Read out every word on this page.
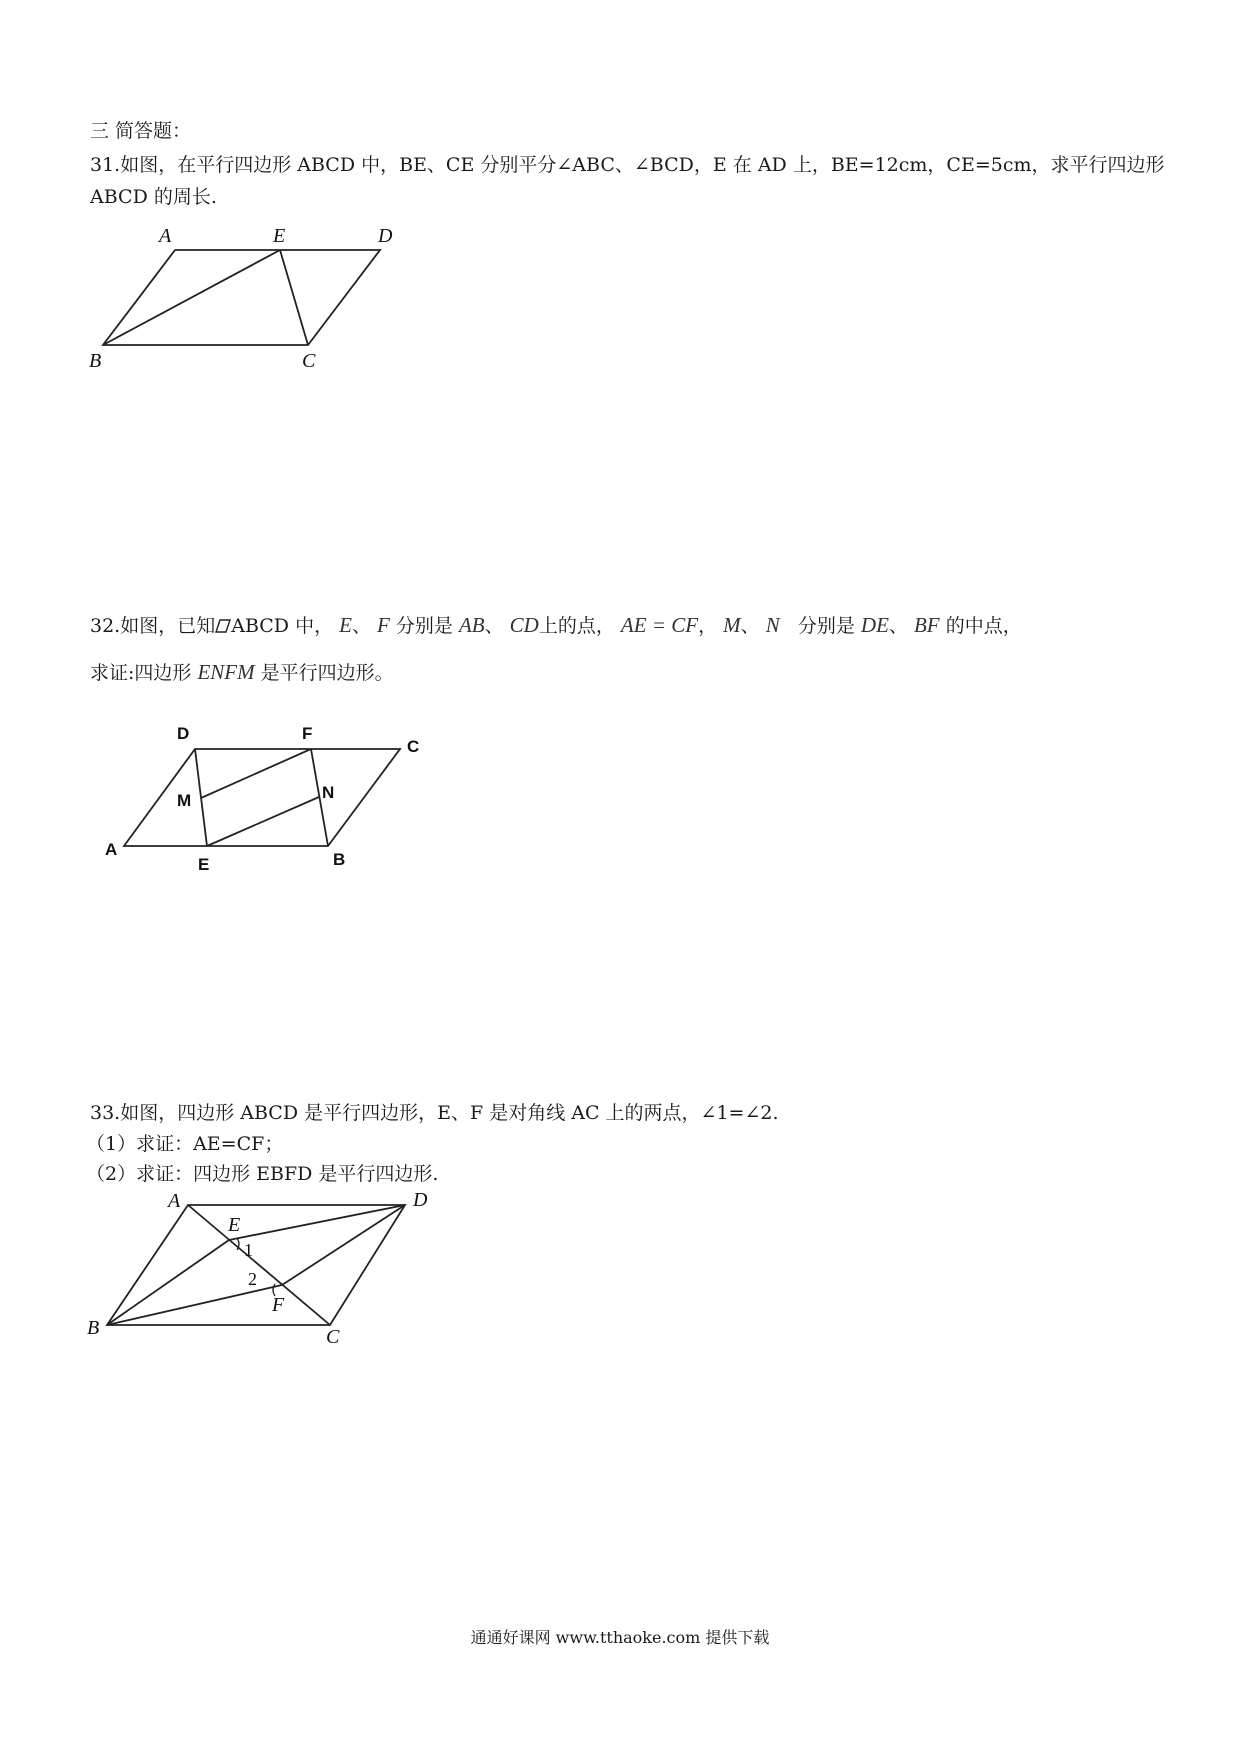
三 简答题：
31.如图，在平行四边形 ABCD 中，BE、CE 分别平分∠ABC、∠BCD，E 在 AD 上，BE=12cm，CE=5cm，求平行四边形
ABCD 的周长.
A	E	D
B	C
32.如图，已知 ABCD 中， E、 F 分别是 AB、 CD上的点， AE = CF， M、 N 分别是 DE、 BF 的中点，
求证:四边形 ENFM 是平行四边形。
D	F
C
M	N
A
E	B
33.如图，四边形 ABCD 是平行四边形，E、F 是对角线 AC 上的两点，∠1=∠2.
（1）求证：AE=CF；
（2）求证：四边形 EBFD 是平行四边形.
A	D
E
1
2
F
B	C
通通好课网 www.tthaoke.com 提供下载
